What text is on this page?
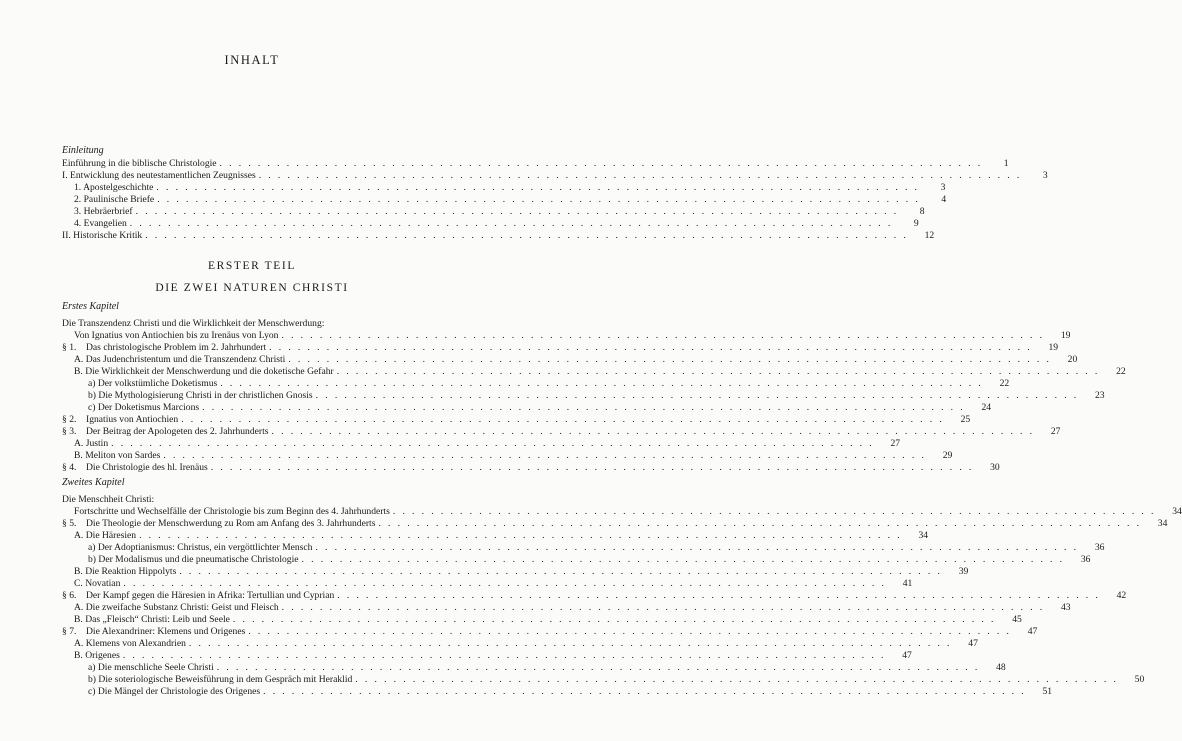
INHALT
ERSTER TEIL
DIE ZWEI NATUREN CHRISTI
Einleitung
Einführung in die biblische Christologie . . . . . . . . . . . . . . . . . . . . . . . . . . . . . . . . . . . . . . . . . . . . . . . . . . . . . . . . . . . . . . . . . . . . . . . . . . . . . . . .	1
I. Entwicklung des neutestamentlichen Zeugnisses . . . . . . . . . . . . . . . . . . . . . . . . . . . . . . . . . . . . . . . . . . . . . . . . . . . . . . . . . . . . . . . . . . . . . . . . . . . . . . . .	3
1. Apostelgeschichte . . . . . . . . . . . . . . . . . . . . . . . . . . . . . . . . . . . . . . . . . . . . . . . . . . . . . . . . . . . . . . . . . . . . . . . . . . . . . . . .	3
2. Paulinische Briefe . . . . . . . . . . . . . . . . . . . . . . . . . . . . . . . . . . . . . . . . . . . . . . . . . . . . . . . . . . . . . . . . . . . . . . . . . . . . . . . .	4
3. Hebräerbrief . . . . . . . . . . . . . . . . . . . . . . . . . . . . . . . . . . . . . . . . . . . . . . . . . . . . . . . . . . . . . . . . . . . . . . . . . . . . . . . .	8
4. Evangelien . . . . . . . . . . . . . . . . . . . . . . . . . . . . . . . . . . . . . . . . . . . . . . . . . . . . . . . . . . . . . . . . . . . . . . . . . . . . . . . .	9
II. Historische Kritik . . . . . . . . . . . . . . . . . . . . . . . . . . . . . . . . . . . . . . . . . . . . . . . . . . . . . . . . . . . . . . . . . . . . . . . . . . . . . . . .	12
Erstes Kapitel
Die Transzendenz Christi und die Wirklichkeit der Menschwerdung:
Von Ignatius von Antiochien bis zu Irenäus von Lyon . . . . . . . . . . . . . . . . . . . . . . . . . . . . . . . . . . . . . . . . . . . . . . . . . . . . . . . . . . . . . . . . . . . . . . . . . . . . . . . .	19
§ 1.	Das christologische Problem im 2. Jahrhundert . . . . . . . . . . . . . . . . . . . . . . . . . . . . . . . . . . . . . . . . . . . . . . . . . . . . . . . . . . . . . . . . . . . . . . . . . . . . . . . .	19
A. Das Judenchristentum und die Transzendenz Christi . . . . . . . . . . . . . . . . . . . . . . . . . . . . . . . . . . . . . . . . . . . . . . . . . . . . . . . . . . . . . . . . . . . . . . . . . . . . . . . .	20
B. Die Wirklichkeit der Menschwerdung und die doketische Gefahr . . . . . . . . . . . . . . . . . . . . . . . . . . . . . . . . . . . . . . . . . . . . . . . . . . . . . . . . . . . . . . . . . . . . . . . . . . . . . . . .	22
a) Der volkstümliche Doketismus . . . . . . . . . . . . . . . . . . . . . . . . . . . . . . . . . . . . . . . . . . . . . . . . . . . . . . . . . . . . . . . . . . . . . . . . . . . . . . . .	22
b) Die Mythologisierung Christi in der christlichen Gnosis . . . . . . . . . . . . . . . . . . . . . . . . . . . . . . . . . . . . . . . . . . . . . . . . . . . . . . . . . . . . . . . . . . . . . . . . . . . . . . . .	23
c) Der Doketismus Marcions . . . . . . . . . . . . . . . . . . . . . . . . . . . . . . . . . . . . . . . . . . . . . . . . . . . . . . . . . . . . . . . . . . . . . . . . . . . . . . . .	24
§ 2.	Ignatius von Antiochien . . . . . . . . . . . . . . . . . . . . . . . . . . . . . . . . . . . . . . . . . . . . . . . . . . . . . . . . . . . . . . . . . . . . . . . . . . . . . . . .	25
§ 3.	Der Beitrag der Apologeten des 2. Jahrhunderts . . . . . . . . . . . . . . . . . . . . . . . . . . . . . . . . . . . . . . . . . . . . . . . . . . . . . . . . . . . . . . . . . . . . . . . . . . . . . . . .	27
A. Justin . . . . . . . . . . . . . . . . . . . . . . . . . . . . . . . . . . . . . . . . . . . . . . . . . . . . . . . . . . . . . . . . . . . . . . . . . . . . . . . .	27
B. Meliton von Sardes . . . . . . . . . . . . . . . . . . . . . . . . . . . . . . . . . . . . . . . . . . . . . . . . . . . . . . . . . . . . . . . . . . . . . . . . . . . . . . . .	29
§ 4.	Die Christologie des hl. Irenäus . . . . . . . . . . . . . . . . . . . . . . . . . . . . . . . . . . . . . . . . . . . . . . . . . . . . . . . . . . . . . . . . . . . . . . . . . . . . . . . .	30
Zweites Kapitel
Die Menschheit Christi:
Fortschritte und Wechselfälle der Christologie bis zum Beginn des 4. Jahrhunderts . . . . . . . . . . . . . . . . . . . . . . . . . . . . . . . . . . . . . . . . . . . . . . . . . . . . . . . . . . . . . . . . . . . . . . . . . . . . . . . .	34
§ 5.	Die Theologie der Menschwerdung zu Rom am Anfang des 3. Jahrhunderts . . . . . . . . . . . . . . . . . . . . . . . . . . . . . . . . . . . . . . . . . . . . . . . . . . . . . . . . . . . . . . . . . . . . . . . . . . . . . . . .	34
A. Die Häresien . . . . . . . . . . . . . . . . . . . . . . . . . . . . . . . . . . . . . . . . . . . . . . . . . . . . . . . . . . . . . . . . . . . . . . . . . . . . . . . .	34
a) Der Adoptianismus: Christus, ein vergöttlichter Mensch . . . . . . . . . . . . . . . . . . . . . . . . . . . . . . . . . . . . . . . . . . . . . . . . . . . . . . . . . . . . . . . . . . . . . . . . . . . . . . . .	36
b) Der Modalismus und die pneumatische Christologie . . . . . . . . . . . . . . . . . . . . . . . . . . . . . . . . . . . . . . . . . . . . . . . . . . . . . . . . . . . . . . . . . . . . . . . . . . . . . . . .	36
B. Die Reaktion Hippolyts . . . . . . . . . . . . . . . . . . . . . . . . . . . . . . . . . . . . . . . . . . . . . . . . . . . . . . . . . . . . . . . . . . . . . . . . . . . . . . . .	39
C. Novatian . . . . . . . . . . . . . . . . . . . . . . . . . . . . . . . . . . . . . . . . . . . . . . . . . . . . . . . . . . . . . . . . . . . . . . . . . . . . . . . .	41
§ 6.	Der Kampf gegen die Häresien in Afrika: Tertullian und Cyprian . . . . . . . . . . . . . . . . . . . . . . . . . . . . . . . . . . . . . . . . . . . . . . . . . . . . . . . . . . . . . . . . . . . . . . . . . . . . . . . .	42
A. Die zweifache Substanz Christi: Geist und Fleisch . . . . . . . . . . . . . . . . . . . . . . . . . . . . . . . . . . . . . . . . . . . . . . . . . . . . . . . . . . . . . . . . . . . . . . . . . . . . . . . .	43
B. Das „Fleisch“ Christi: Leib und Seele . . . . . . . . . . . . . . . . . . . . . . . . . . . . . . . . . . . . . . . . . . . . . . . . . . . . . . . . . . . . . . . . . . . . . . . . . . . . . . . .	45
§ 7.	Die Alexandriner: Klemens und Origenes . . . . . . . . . . . . . . . . . . . . . . . . . . . . . . . . . . . . . . . . . . . . . . . . . . . . . . . . . . . . . . . . . . . . . . . . . . . . . . . .	47
A. Klemens von Alexandrien . . . . . . . . . . . . . . . . . . . . . . . . . . . . . . . . . . . . . . . . . . . . . . . . . . . . . . . . . . . . . . . . . . . . . . . . . . . . . . . .	47
B. Origenes . . . . . . . . . . . . . . . . . . . . . . . . . . . . . . . . . . . . . . . . . . . . . . . . . . . . . . . . . . . . . . . . . . . . . . . . . . . . . . . .	47
a) Die menschliche Seele Christi . . . . . . . . . . . . . . . . . . . . . . . . . . . . . . . . . . . . . . . . . . . . . . . . . . . . . . . . . . . . . . . . . . . . . . . . . . . . . . . .	48
b) Die soteriologische Beweisführung in dem Gespräch mit Heraklid . . . . . . . . . . . . . . . . . . . . . . . . . . . . . . . . . . . . . . . . . . . . . . . . . . . . . . . . . . . . . . . . . . . . . . . . . . . . . . . .	50
c) Die Mängel der Christologie des Origenes . . . . . . . . . . . . . . . . . . . . . . . . . . . . . . . . . . . . . . . . . . . . . . . . . . . . . . . . . . . . . . . . . . . . . . . . . . . . . . . .	51
